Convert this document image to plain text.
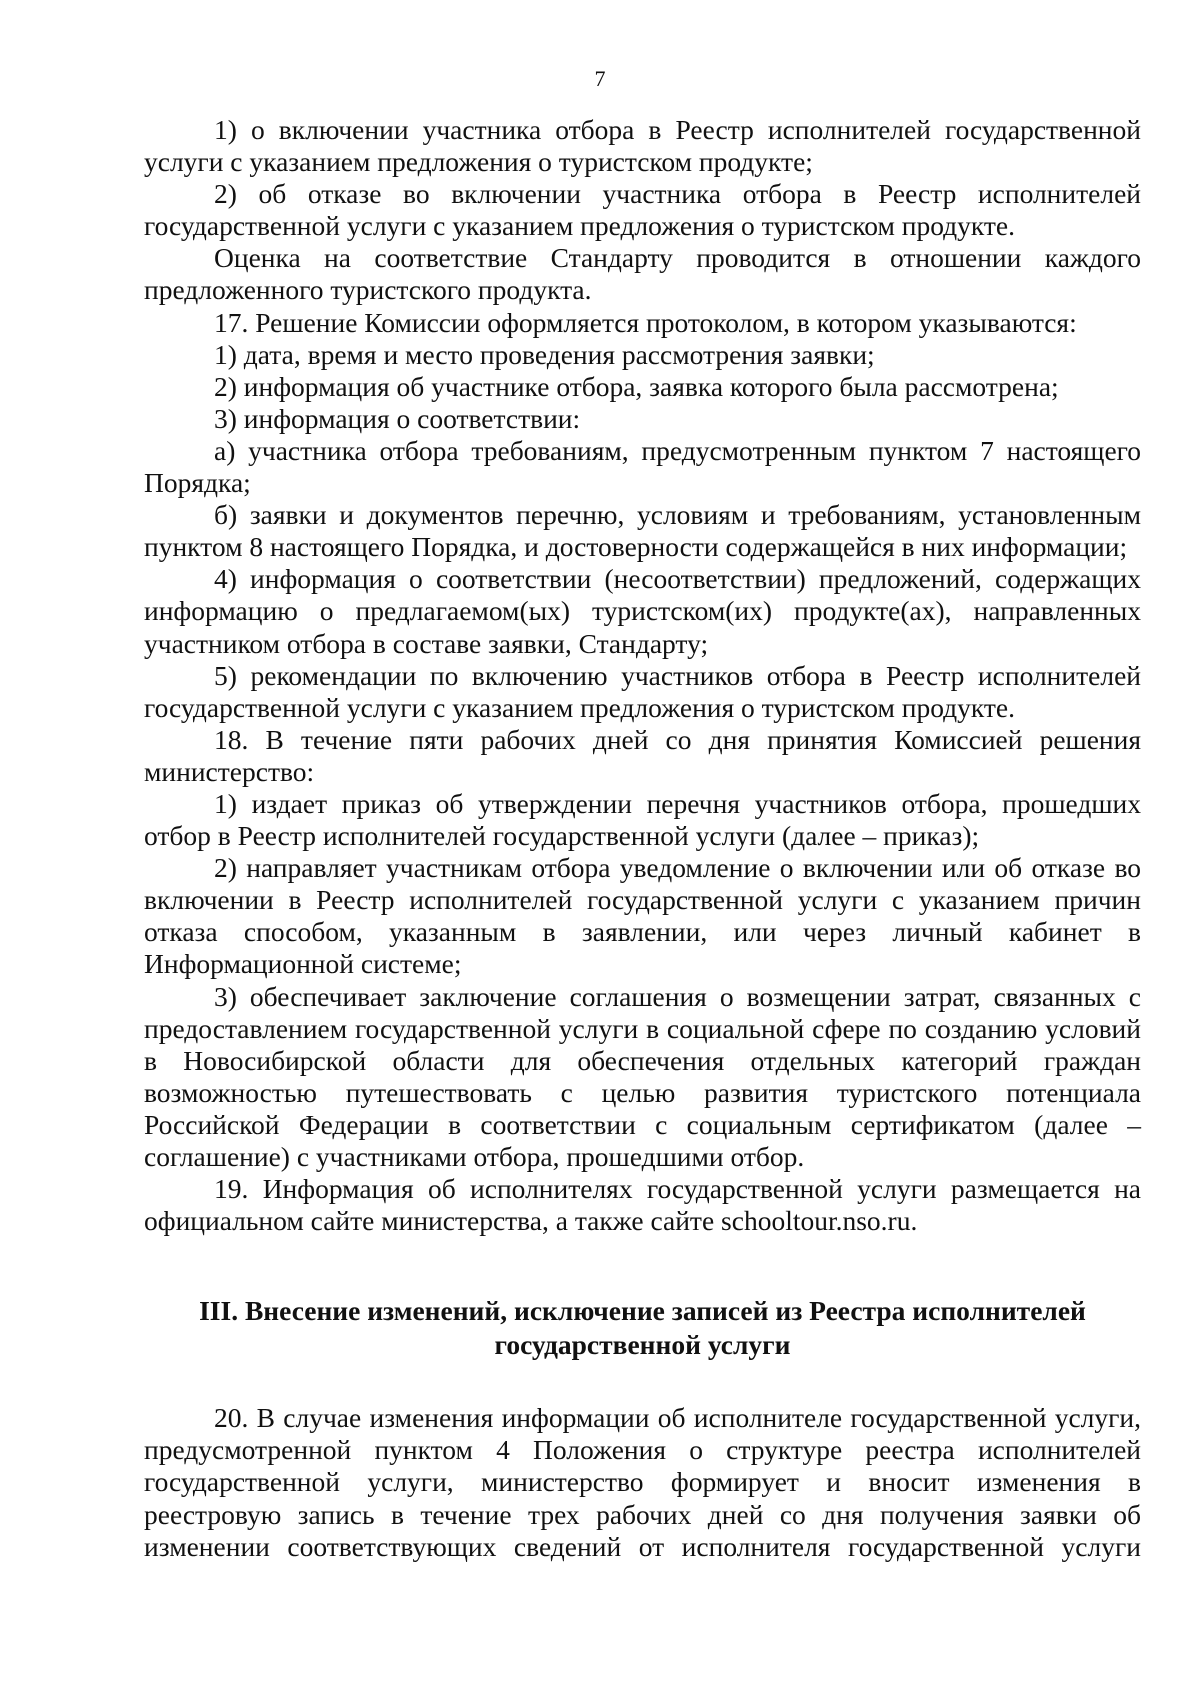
7

1) о включении участника отбора в Реестр исполнителей государственной услуги с указанием предложения о туристском продукте;

2) об отказе во включении участника отбора в Реестр исполнителей государственной услуги с указанием предложения о туристском продукте.

Оценка на соответствие Стандарту проводится в отношении каждого предложенного туристского продукта.

17. Решение Комиссии оформляется протоколом, в котором указываются:

1) дата, время и место проведения рассмотрения заявки;

2) информация об участнике отбора, заявка которого была рассмотрена;

3) информация о соответствии:

а) участника отбора требованиям, предусмотренным пунктом 7 настоящего Порядка;

б) заявки и документов перечню, условиям и требованиям, установленным пунктом 8 настоящего Порядка, и достоверности содержащейся в них информации;

4) информация о соответствии (несоответствии) предложений, содержащих информацию о предлагаемом(ых) туристском(их) продукте(ах), направленных участником отбора в составе заявки, Стандарту;

5) рекомендации по включению участников отбора в Реестр исполнителей государственной услуги с указанием предложения о туристском продукте.

18. В течение пяти рабочих дней со дня принятия Комиссией решения министерство:

1) издает приказ об утверждении перечня участников отбора, прошедших отбор в Реестр исполнителей государственной услуги (далее – приказ);

2) направляет участникам отбора уведомление о включении или об отказе во включении в Реестр исполнителей государственной услуги с указанием причин отказа способом, указанным в заявлении, или через личный кабинет в Информационной системе;

3) обеспечивает заключение соглашения о возмещении затрат, связанных с предоставлением государственной услуги в социальной сфере по созданию условий в Новосибирской области для обеспечения отдельных категорий граждан возможностью путешествовать с целью развития туристского потенциала Российской Федерации в соответствии с социальным сертификатом (далее – соглашение) с участниками отбора, прошедшими отбор.

19. Информация об исполнителях государственной услуги размещается на официальном сайте министерства, а также сайте schooltour.nso.ru.

III. Внесение изменений, исключение записей из Реестра исполнителей
государственной услуги

20. В случае изменения информации об исполнителе государственной услуги, предусмотренной пунктом 4 Положения о структуре реестра исполнителей государственной услуги, министерство формирует и вносит изменения в реестровую запись в течение трех рабочих дней со дня получения заявки об изменении соответствующих сведений от исполнителя государственной услуги
